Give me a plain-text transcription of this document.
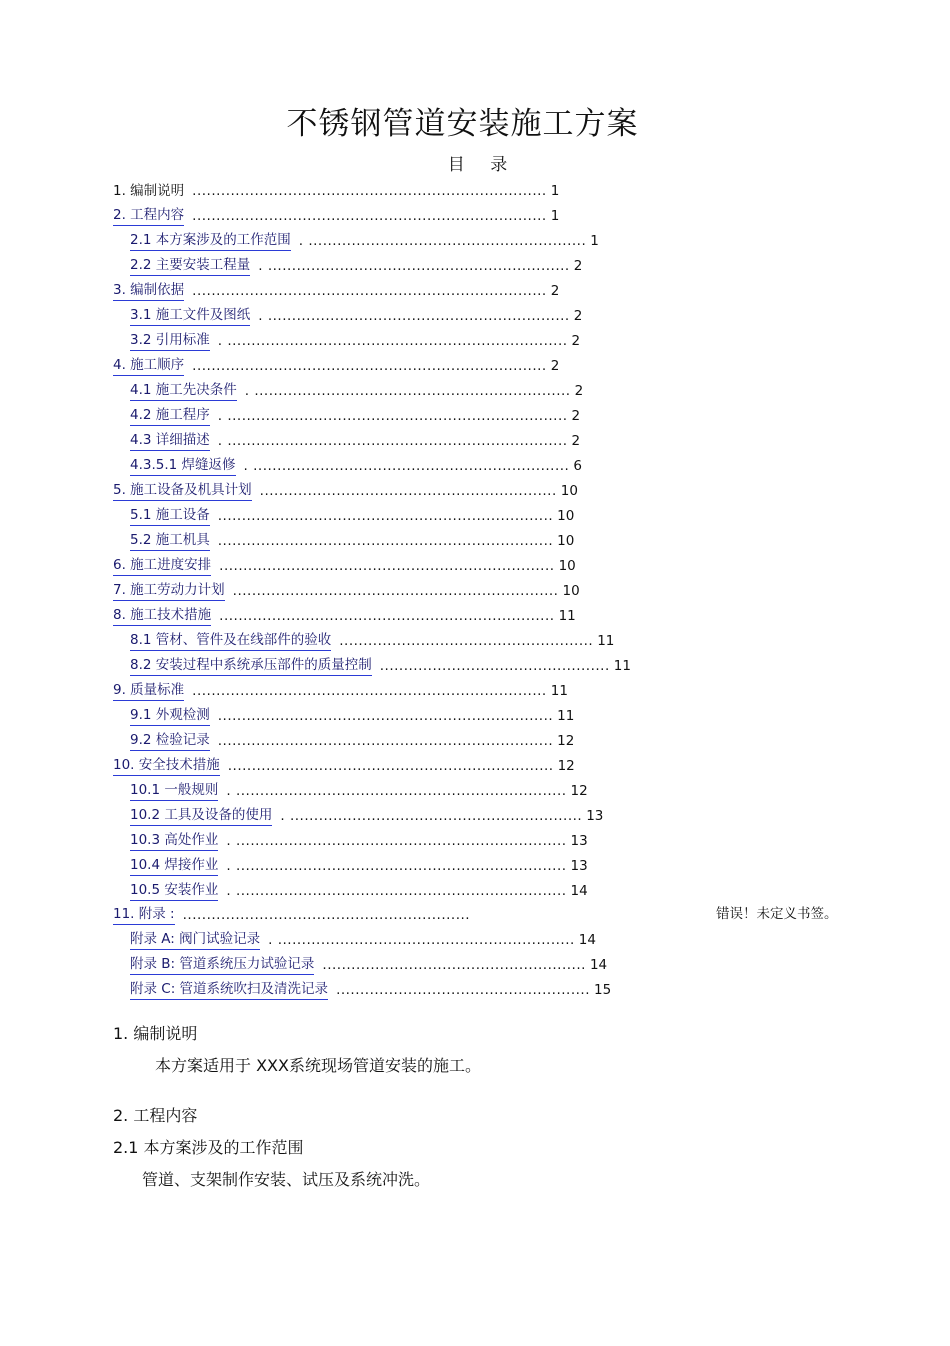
不锈钢管道安装施工方案
目 录
1. 编制说明 .......................................................................... 1
2. 工程内容 .......................................................................... 1
2.1 本方案涉及的工作范围 . .......................................................... 1
2.2 主要安装工程量 . ............................................................... 2
3. 编制依据 .......................................................................... 2
3.1 施工文件及图纸 . ............................................................... 2
3.2 引用标准 . ....................................................................... 2
4. 施工顺序 .......................................................................... 2
4.1 施工先决条件 . .................................................................. 2
4.2 施工程序 . ....................................................................... 2
4.3 详细描述 . ....................................................................... 2
4.3.5.1 焊缝返修 . .................................................................. 6
5. 施工设备及机具计划 .............................................................. 10
5.1 施工设备 ...................................................................... 10
5.2 施工机具 ...................................................................... 10
6. 施工进度安排 ...................................................................... 10
7. 施工劳动力计划 .................................................................... 10
8. 施工技术措施 ...................................................................... 11
8.1 管材、管件及在线部件的验收 ..................................................... 11
8.2 安装过程中系统承压部件的质量控制 ................................................ 11
9. 质量标准 .......................................................................... 11
9.1 外观检测 ...................................................................... 11
9.2 检验记录 ...................................................................... 12
10. 安全技术措施 .................................................................... 12
10.1 一般规则 . ..................................................................... 12
10.2 工具及设备的使用 . ............................................................. 13
10.3 高处作业 . ..................................................................... 13
10.4 焊接作业 . ..................................................................... 13
10.5 安装作业 . ..................................................................... 14
11. 附录 : ............................................................
附录 A: 阀门试验记录 . .............................................................. 14
附录 B: 管道系统压力试验记录 ....................................................... 14
附录 C: 管道系统吹扫及清洗记录 ..................................................... 15
错误！未定义书签。
1. 编制说明
本方案适用于 XXX系统现场管道安装的施工。
2. 工程内容
2.1 本方案涉及的工作范围
管道、支架制作安装、试压及系统冲洗。
